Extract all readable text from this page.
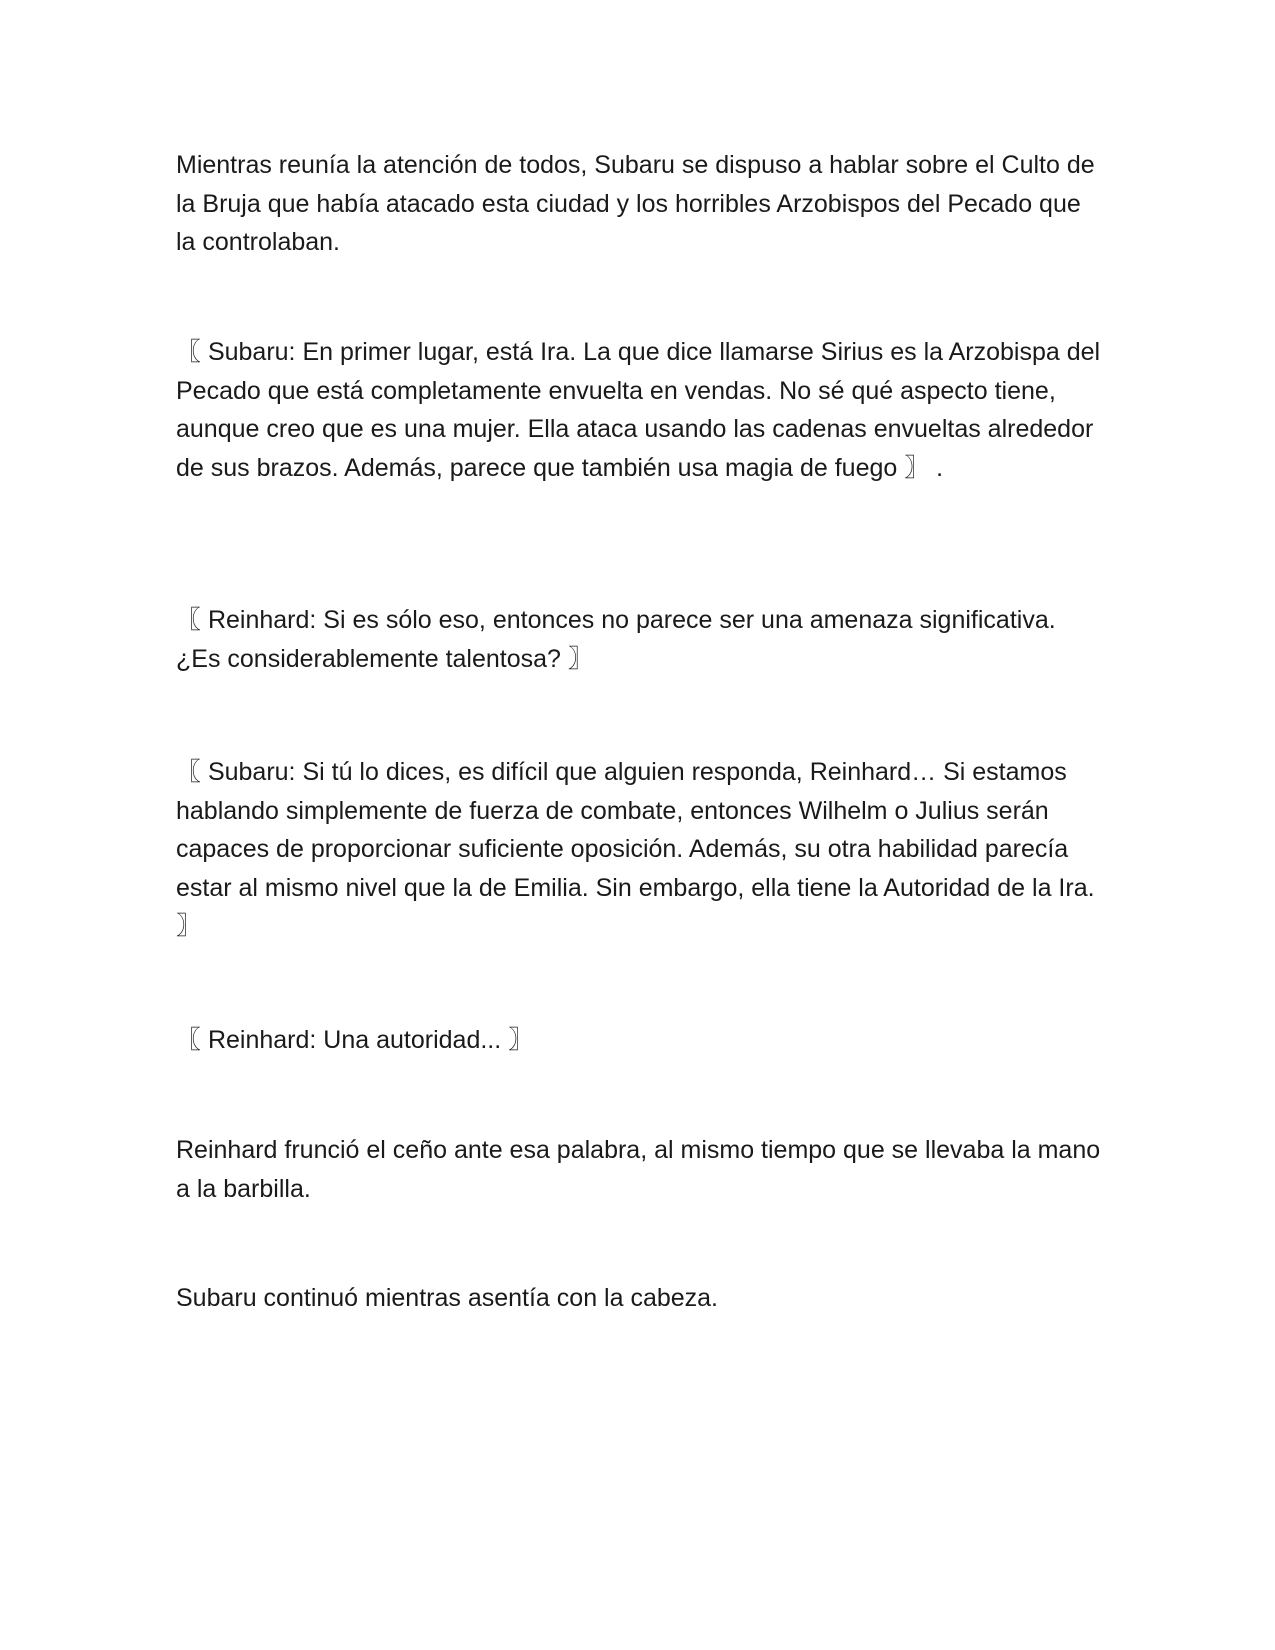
Mientras reunía la atención de todos, Subaru se dispuso a hablar sobre el Culto de la Bruja que había atacado esta ciudad y los horribles Arzobispos del Pecado que la controlaban.

〖 Subaru: En primer lugar, está Ira. La que dice llamarse Sirius es la Arzobispa del Pecado que está completamente envuelta en vendas. No sé qué aspecto tiene, aunque creo que es una mujer. Ella ataca usando las cadenas envueltas alrededor de sus brazos. Además, parece que también usa magia de fuego 〗 .

〖 Reinhard: Si es sólo eso, entonces no parece ser una amenaza significativa. ¿Es considerablemente talentosa? 〗

〖 Subaru: Si tú lo dices, es difícil que alguien responda, Reinhard… Si estamos hablando simplemente de fuerza de combate, entonces Wilhelm o Julius serán capaces de proporcionar suficiente oposición. Además, su otra habilidad parecía estar al mismo nivel que la de Emilia. Sin embargo, ella tiene la Autoridad de la Ira. 〗

〖 Reinhard: Una autoridad... 〗

Reinhard frunció el ceño ante esa palabra, al mismo tiempo que se llevaba la mano a la barbilla.

Subaru continuó mientras asentía con la cabeza.
